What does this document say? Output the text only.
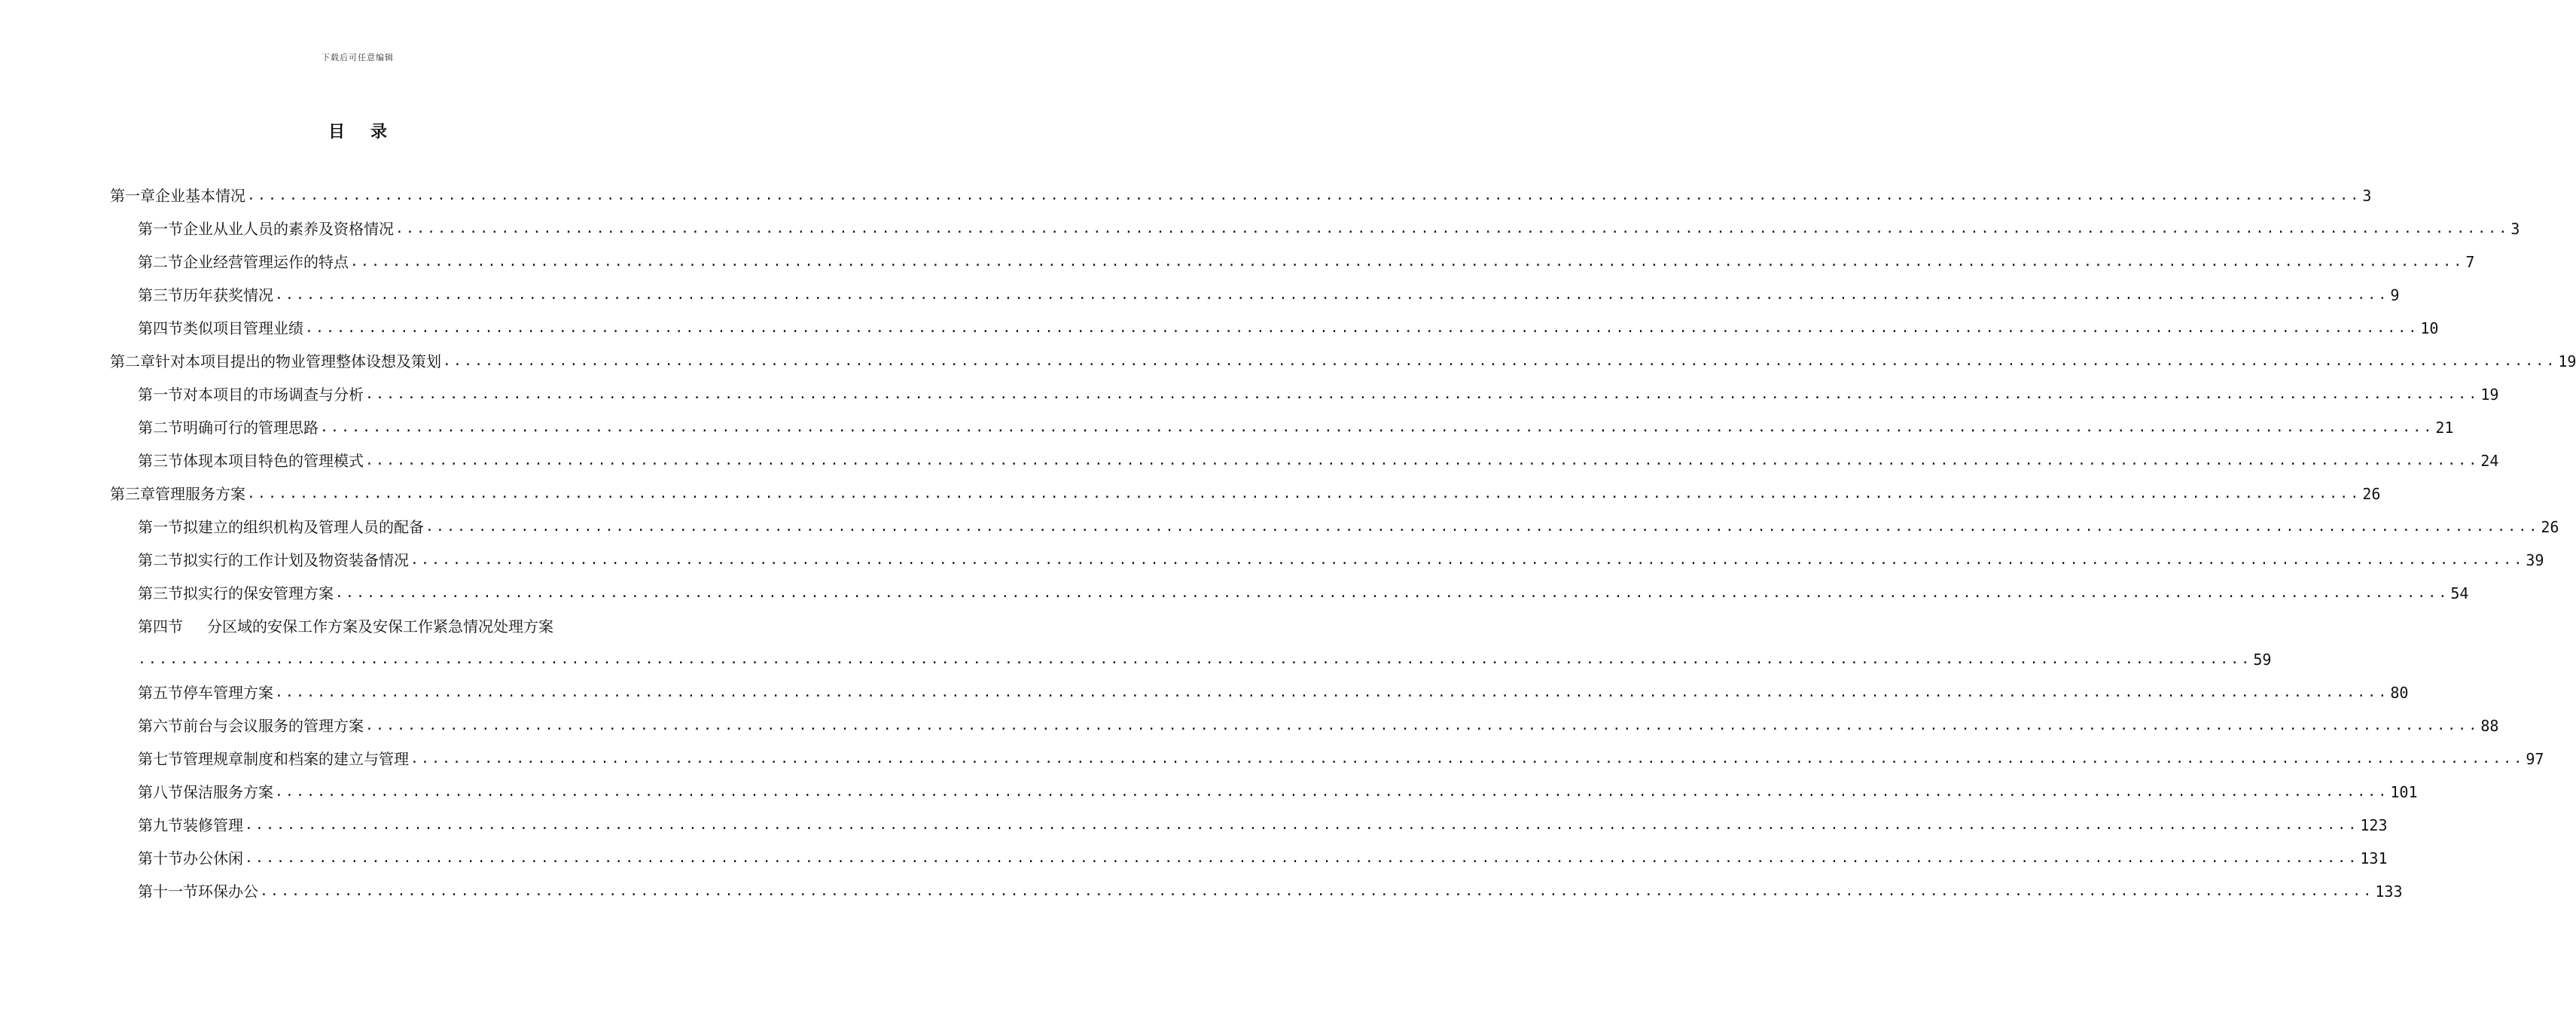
下载后可任意编辑
目 录
第一章 企业基本情况 ........................................................................................................................................................................................................ 3
第一节 企业从业人员的素养及资格情况 ........................................................................................................................................................................................................ 3
第二节 企业经营管理运作的特点 ........................................................................................................................................................................................................ 7
第三节 历年获奖情况 ........................................................................................................................................................................................................ 9
第四节 类似项目管理业绩 ........................................................................................................................................................................................................ 10
第二章 针对本项目提出的物业管理整体设想及策划 ........................................................................................................................................................................................................ 19
第一节 对本项目的市场调查与分析 ........................................................................................................................................................................................................ 19
第二节 明确可行的管理思路 ........................................................................................................................................................................................................ 21
第三节 体现本项目特色的管理模式 ........................................................................................................................................................................................................ 24
第三章 管理服务方案 ........................................................................................................................................................................................................ 26
第一节 拟建立的组织机构及管理人员的配备 ........................................................................................................................................................................................................ 26
第二节 拟实行的工作计划及物资装备情况 ........................................................................................................................................................................................................ 39
第三节 拟实行的保安管理方案 ........................................................................................................................................................................................................ 54
第四节	分区域的安保工作方案及安保工作紧急情况处理方案
........................................................................................................................................................................................................ 59
第五节 停车管理方案 ........................................................................................................................................................................................................ 80
第六节 前台与会议服务的管理方案 ........................................................................................................................................................................................................ 88
第七节 管理规章制度和档案的建立与管理 ........................................................................................................................................................................................................ 97
第八节 保洁服务方案 ........................................................................................................................................................................................................ 101
第九节 装修管理 ........................................................................................................................................................................................................ 123
第十节 办公休闲 ........................................................................................................................................................................................................ 131
第十一节 环保办公 ........................................................................................................................................................................................................ 133
